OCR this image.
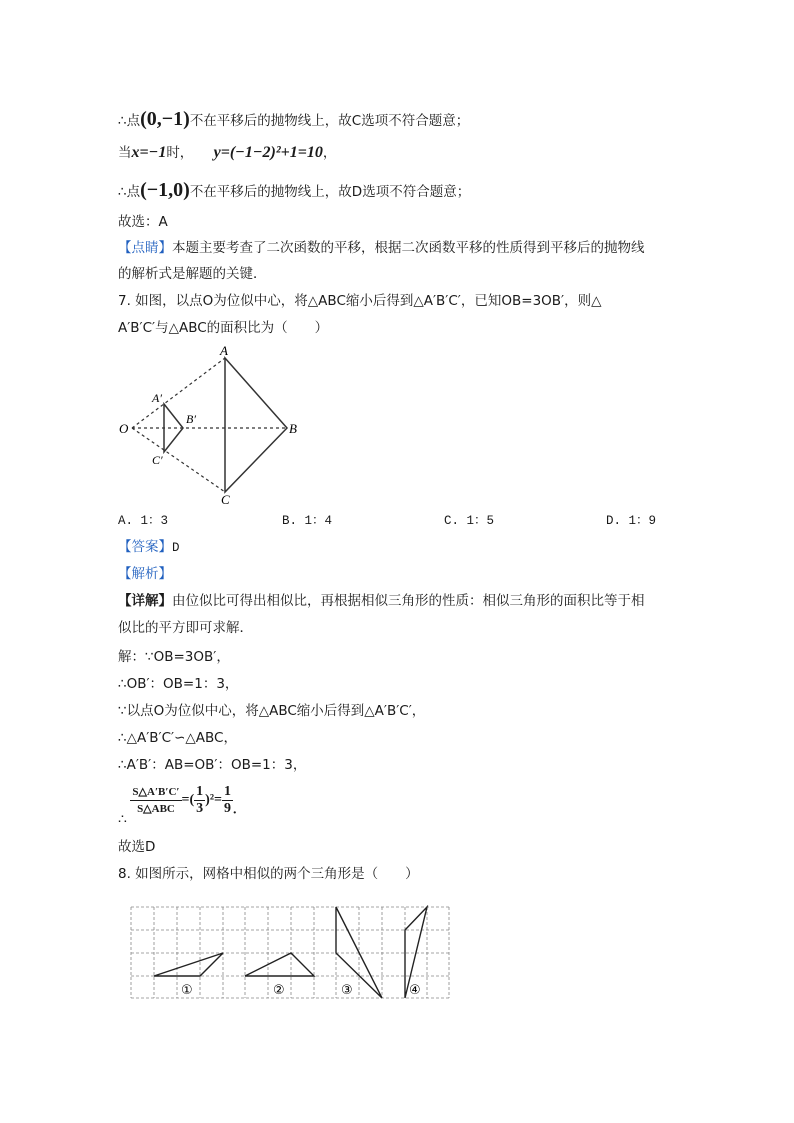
∴点(0,−1)不在平移后的抛物线上，故C选项不符合题意；
当x=−1时， y=(−1−2)²+1=10，
∴点(−1,0)不在平移后的抛物线上，故D选项不符合题意；
故选：A
【点睛】本题主要考查了二次函数的平移，根据二次函数平移的性质得到平移后的抛物线
的解析式是解题的关键．
7. 如图，以点O为位似中心，将△ABC缩小后得到△A′B′C′，已知OB=3OB′，则△
A′B′C′与△ABC的面积比为（　　）
O
A
B
C
A′
B′
C′
A. 1：3	B. 1：4	C. 1：5	D. 1：9
【答案】D
【解析】
【详解】由位似比可得出相似比，再根据相似三角形的性质：相似三角形的面积比等于相
似比的平方即可求解．
解：∵OB=3OB′，
∴OB′：OB=1：3，
∵以点O为位似中心，将△ABC缩小后得到△A′B′C′，
∴△A′B′C′∽△ABC，
∴A′B′：AB=OB′：OB=1：3，
∴
$\frac{S\triangle A'B'C'}{\text{S△ABC}}$ =( $\frac{1}{3} )^2= \frac{1}{9}$ .
故选D
8. 如图所示，网格中相似的两个三角形是（　　）
①	②	③	④
